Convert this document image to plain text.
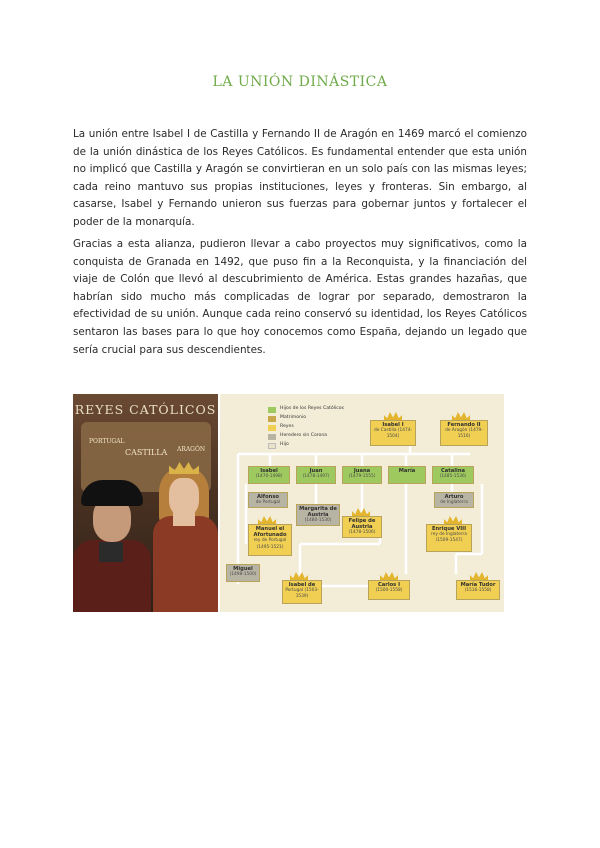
LA UNIÓN DINÁSTICA

La unión entre Isabel I de Castilla y Fernando II de Aragón en 1469 marcó el comienzo de la unión dinástica de los Reyes Católicos. Es fundamental entender que esta unión no implicó que Castilla y Aragón se convirtieran en un solo país con las mismas leyes; cada reino mantuvo sus propias instituciones, leyes y fronteras. Sin embargo, al casarse, Isabel y Fernando unieron sus fuerzas para gobernar juntos y fortalecer el poder de la monarquía.

Gracias a esta alianza, pudieron llevar a cabo proyectos muy significativos, como la conquista de Granada en 1492, que puso fin a la Reconquista, y la financiación del viaje de Colón que llevó al descubrimiento de América. Estas grandes hazañas, que habrían sido mucho más complicadas de lograr por separado, demostraron la efectividad de su unión. Aunque cada reino conservó su identidad, los Reyes Católicos sentaron las bases para lo que hoy conocemos como España, dejando un legado que sería crucial para sus descendientes.

REYES CATÓLICOS
CASTILLA
PORTUGAL
ARAGÓN
Hijos de los Reyes Católicos
Matrimonio
Reyes
Heredero sin Corona
Hijo
Isabel I
de Castilla (1474-1504)
Fernando II
de Aragón (1479-1516)
Isabel
(1470-1498)
Juan
(1478-1497)
Juana
(1479-1555)
María	Catalina
(1485-1536)
Alfonso
de Portugal
Margarita de Austria
(1480-1530)	Felipe de Austria
(1478-1506)
Arturo
de Inglaterra
Manuel el Afortunado
rey de Portugal (1495-1521)
Enrique VIII
rey de Inglaterra (1509-1547)
Miguel
(1498-1500)
Isabel de
Portugal (1503-1539)
Carlos I
(1500-1558)
María Tudor
(1516-1558)
